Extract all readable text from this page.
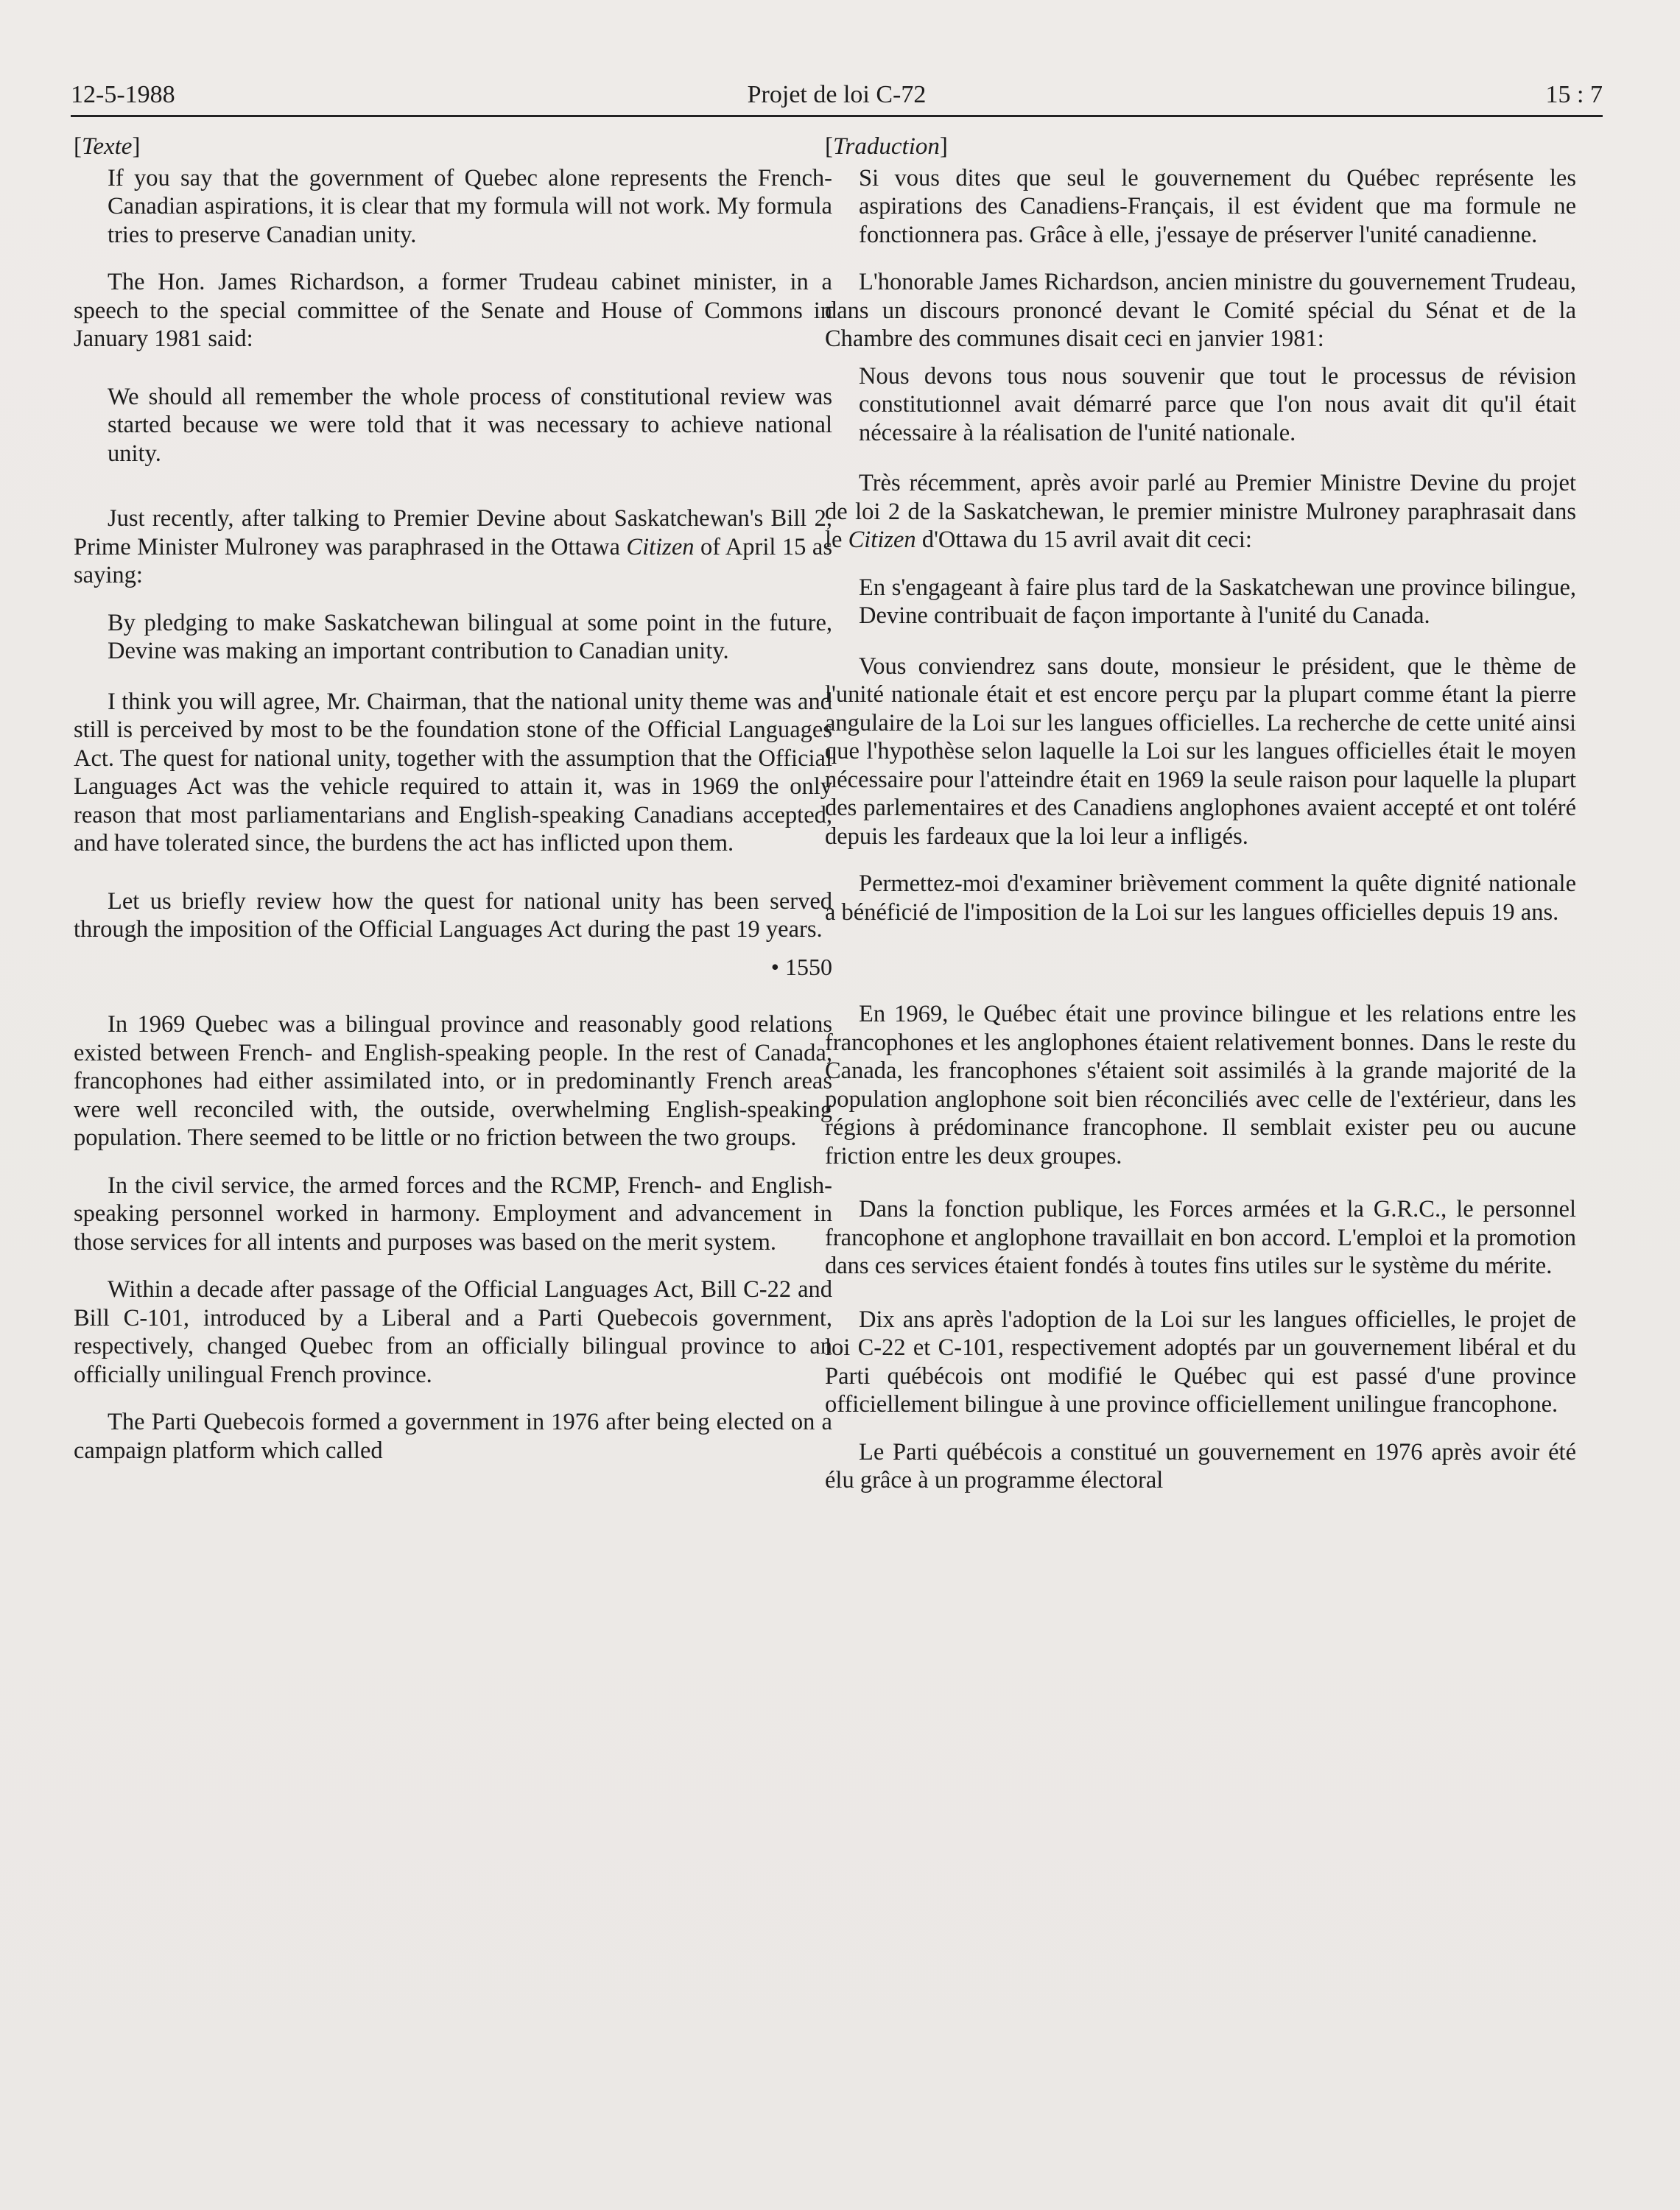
12-5-1988	Projet de loi C-72	15 : 7
[ Texte ]

If you say that the government of Quebec alone represents the French-Canadian aspirations, it is clear that my formula will not work. My formula tries to preserve Canadian unity.

The Hon. James Richardson, a former Trudeau cabinet minister, in a speech to the special committee of the Senate and House of Commons in January 1981 said:

We should all remember the whole process of constitutional review was started because we were told that it was necessary to achieve national unity.

Just recently, after talking to Premier Devine about Saskatchewan's Bill 2, Prime Minister Mulroney was paraphrased in the Ottawa Citizen of April 15 as saying:

By pledging to make Saskatchewan bilingual at some point in the future, Devine was making an important contribution to Canadian unity.

I think you will agree, Mr. Chairman, that the national unity theme was and still is perceived by most to be the foundation stone of the Official Languages Act. The quest for national unity, together with the assumption that the Official Languages Act was the vehicle required to attain it, was in 1969 the only reason that most parliamentarians and English-speaking Canadians accepted, and have tolerated since, the burdens the act has inflicted upon them.

Let us briefly review how the quest for national unity has been served through the imposition of the Official Languages Act during the past 19 years.

• 1550

In 1969 Quebec was a bilingual province and reasonably good relations existed between French- and English-speaking people. In the rest of Canada, francophones had either assimilated into, or in predominantly French areas were well reconciled with, the outside, overwhelming English-speaking population. There seemed to be little or no friction between the two groups.

In the civil service, the armed forces and the RCMP, French- and English-speaking personnel worked in harmony. Employment and advancement in those services for all intents and purposes was based on the merit system.

Within a decade after passage of the Official Languages Act, Bill C-22 and Bill C-101, introduced by a Liberal and a Parti Quebecois government, respectively, changed Quebec from an officially bilingual province to an officially unilingual French province.

The Parti Quebecois formed a government in 1976 after being elected on a campaign platform which called

[ Traduction ]

Si vous dites que seul le gouvernement du Québec représente les aspirations des Canadiens-Français, il est évident que ma formule ne fonctionnera pas. Grâce à elle, j'essaye de préserver l'unité canadienne.

L'honorable James Richardson, ancien ministre du gouvernement Trudeau, dans un discours prononcé devant le Comité spécial du Sénat et de la Chambre des communes disait ceci en janvier 1981:

Nous devons tous nous souvenir que tout le processus de révision constitutionnel avait démarré parce que l'on nous avait dit qu'il était nécessaire à la réalisation de l'unité nationale.

Très récemment, après avoir parlé au Premier Ministre Devine du projet de loi 2 de la Saskatchewan, le premier ministre Mulroney paraphrasait dans le Citizen d'Ottawa du 15 avril avait dit ceci:

En s'engageant à faire plus tard de la Saskatchewan une province bilingue, Devine contribuait de façon importante à l'unité du Canada.

Vous conviendrez sans doute, monsieur le président, que le thème de l'unité nationale était et est encore perçu par la plupart comme étant la pierre angulaire de la Loi sur les langues officielles. La recherche de cette unité ainsi que l'hypothèse selon laquelle la Loi sur les langues officielles était le moyen nécessaire pour l'atteindre était en 1969 la seule raison pour laquelle la plupart des parlementaires et des Canadiens anglophones avaient accepté et ont toléré depuis les fardeaux que la loi leur a infligés.

Permettez-moi d'examiner brièvement comment la quête dignité nationale a bénéficié de l'imposition de la Loi sur les langues officielles depuis 19 ans.

En 1969, le Québec était une province bilingue et les relations entre les francophones et les anglophones étaient relativement bonnes. Dans le reste du Canada, les francophones s'étaient soit assimilés à la grande majorité de la population anglophone soit bien réconciliés avec celle de l'extérieur, dans les régions à prédominance francophone. Il semblait exister peu ou aucune friction entre les deux groupes.

Dans la fonction publique, les Forces armées et la G.R.C., le personnel francophone et anglophone travaillait en bon accord. L'emploi et la promotion dans ces services étaient fondés à toutes fins utiles sur le système du mérite.

Dix ans après l'adoption de la Loi sur les langues officielles, le projet de loi C-22 et C-101, respectivement adoptés par un gouvernement libéral et du Parti québécois ont modifié le Québec qui est passé d'une province officiellement bilingue à une province officiellement unilingue francophone.

Le Parti québécois a constitué un gouvernement en 1976 après avoir été élu grâce à un programme électoral
